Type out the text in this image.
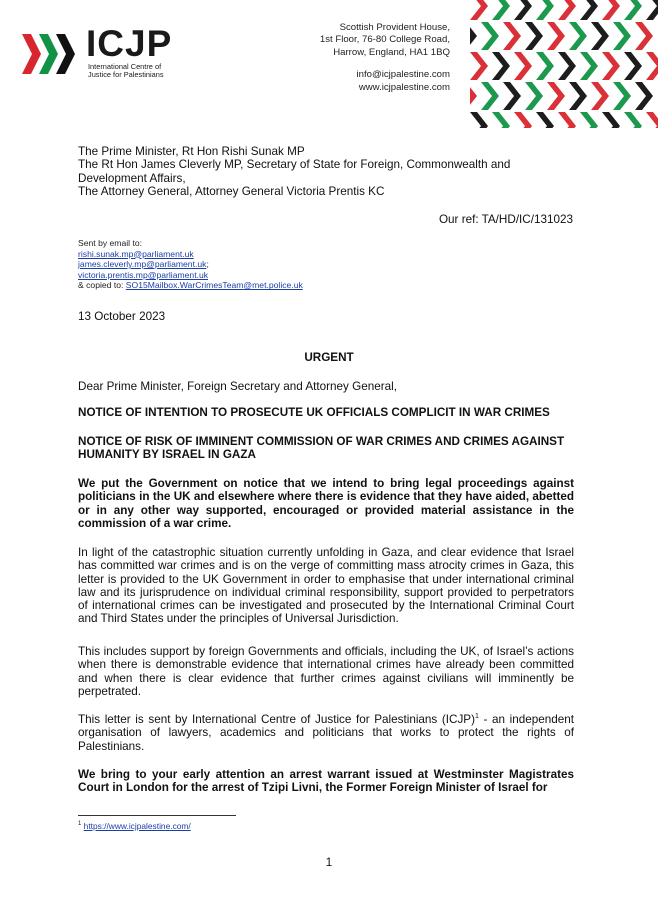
ICJP
International Centre of
Justice for Palestinians
Scottish Provident House,
1st Floor, 76-80 College Road,
Harrow, England, HA1 1BQ
info@icjpalestine.com
www.icjpalestine.com
The Prime Minister, Rt Hon Rishi Sunak MP
The Rt Hon James Cleverly MP, Secretary of State for Foreign, Commonwealth and
Development Affairs,
The Attorney General, Attorney General Victoria Prentis KC
Our ref: TA/HD/IC/131023
Sent by email to:
rishi.sunak.mp@parliament.uk
james.cleverly.mp@parliament.uk;
victoria.prentis.mp@parliament.uk
& copied to: SO15Mailbox.WarCrimesTeam@met.police.uk
13 October 2023
URGENT
Dear Prime Minister, Foreign Secretary and Attorney General,
NOTICE OF INTENTION TO PROSECUTE UK OFFICIALS COMPLICIT IN WAR CRIMES
NOTICE OF RISK OF IMMINENT COMMISSION OF WAR CRIMES AND CRIMES AGAINST HUMANITY BY ISRAEL IN GAZA
We put the Government on notice that we intend to bring legal proceedings against politicians in the UK and elsewhere where there is evidence that they have aided, abetted or in any other way supported, encouraged or provided material assistance in the commission of a war crime.
In light of the catastrophic situation currently unfolding in Gaza, and clear evidence that Israel has committed war crimes and is on the verge of committing mass atrocity crimes in Gaza, this letter is provided to the UK Government in order to emphasise that under international criminal law and its jurisprudence on individual criminal responsibility, support provided to perpetrators of international crimes can be investigated and prosecuted by the International Criminal Court and Third States under the principles of Universal Jurisdiction.
This includes support by foreign Governments and officials, including the UK, of Israel’s actions when there is demonstrable evidence that international crimes have already been committed and when there is clear evidence that further crimes against civilians will imminently be perpetrated.
This letter is sent by International Centre of Justice for Palestinians (ICJP)$^1$ - an independent organisation of lawyers, academics and politicians that works to protect the rights of Palestinians.
We bring to your early attention an arrest warrant issued at Westminster Magistrates Court in London for the arrest of Tzipi Livni, the Former Foreign Minister of Israel for
$^1$ https://www.icjpalestine.com/
1
